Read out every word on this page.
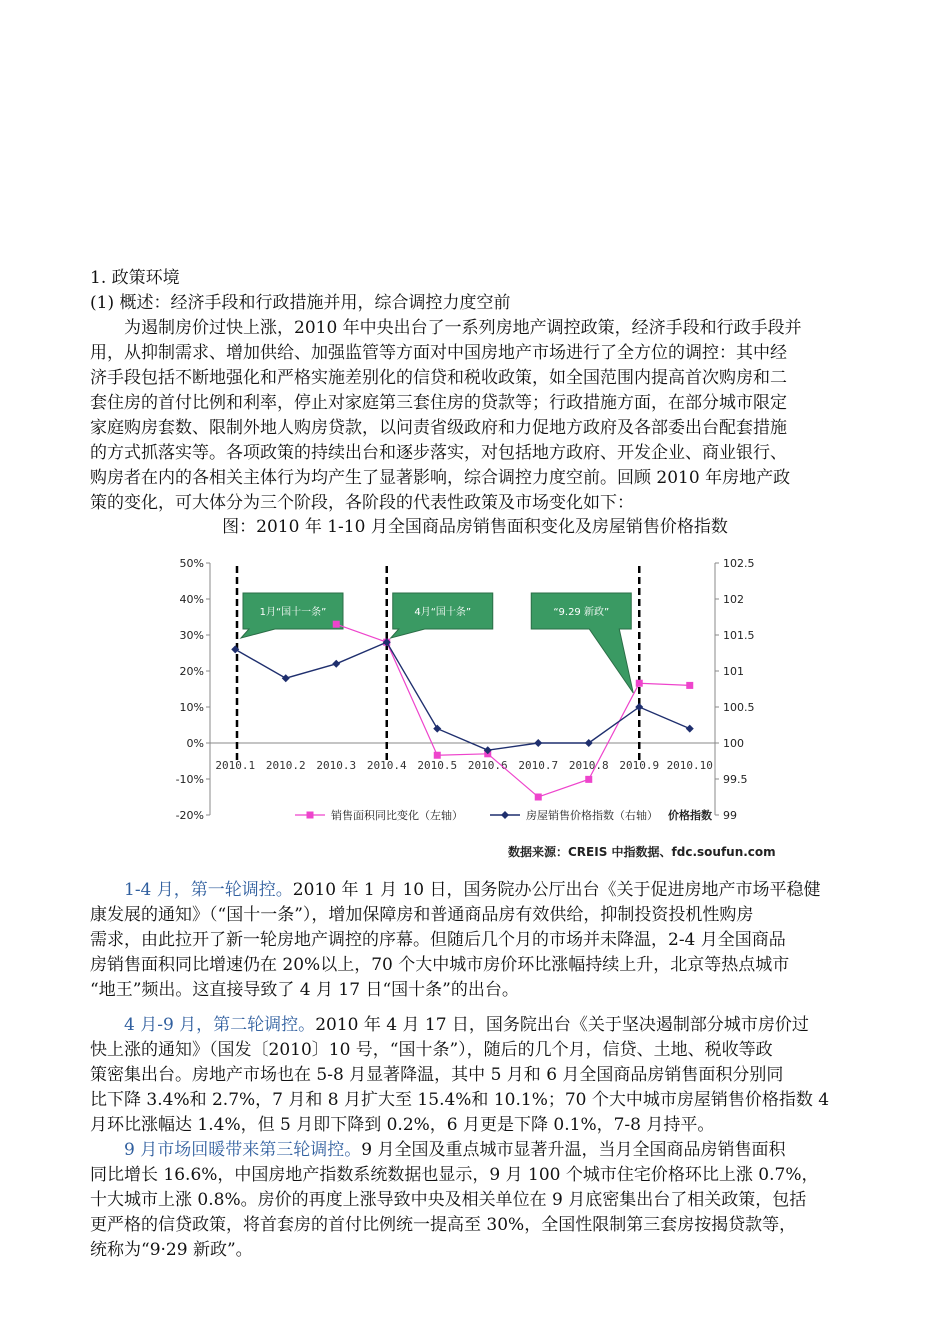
1. 政策环境
(1) 概述：经济手段和行政措施并用，综合调控力度空前
为遏制房价过快上涨，2010 年中央出台了一系列房地产调控政策，经济手段和行政手段并
用，从抑制需求、增加供给、加强监管等方面对中国房地产市场进行了全方位的调控：其中经
济手段包括不断地强化和严格实施差别化的信贷和税收政策，如全国范围内提高首次购房和二
套住房的首付比例和利率，停止对家庭第三套住房的贷款等；行政措施方面，在部分城市限定
家庭购房套数、限制外地人购房贷款，以问责省级政府和力促地方政府及各部委出台配套措施
的方式抓落实等。各项政策的持续出台和逐步落实，对包括地方政府、开发企业、商业银行、
购房者在内的各相关主体行为均产生了显著影响，综合调控力度空前。回顾 2010 年房地产政
策的变化，可大体分为三个阶段，各阶段的代表性政策及市场变化如下：
图：2010 年 1-10 月全国商品房销售面积变化及房屋销售价格指数
50%
40%
30%
20%
10%
0%
-10%
-20%
102.5
102
101.5
101
100.5
100
99.5
99
2010.1 2010.2 2010.3 2010.4 2010.5 2010.6 2010.7 2010.8 2010.9 2010.10
1月“国十一条”	4月“国十条”	“9.29 新政”
销售面积同比变化（左轴）	房屋销售价格指数（右轴） 价格指数
数据来源：CREIS 中指数据、fdc.soufun.com
1-4 月，第一轮调控。2010 年 1 月 10 日，国务院办公厅出台《关于促进房地产市场平稳健
康发展的通知》（“国十一条”），增加保障房和普通商品房有效供给，抑制投资投机性购房
需求，由此拉开了新一轮房地产调控的序幕。但随后几个月的市场并未降温，2-4 月全国商品
房销售面积同比增速仍在 20%以上，70 个大中城市房价环比涨幅持续上升，北京等热点城市
“地王”频出。这直接导致了 4 月 17 日“国十条”的出台。
4 月-9 月，第二轮调控。2010 年 4 月 17 日，国务院出台《关于坚决遏制部分城市房价过
快上涨的通知》（国发〔2010〕10 号，“国十条”），随后的几个月，信贷、土地、税收等政
策密集出台。房地产市场也在 5-8 月显著降温，其中 5 月和 6 月全国商品房销售面积分别同
比下降 3.4%和 2.7%，7 月和 8 月扩大至 15.4%和 10.1%；70 个大中城市房屋销售价格指数 4
月环比涨幅达 1.4%，但 5 月即下降到 0.2%，6 月更是下降 0.1%，7-8 月持平。
9 月市场回暖带来第三轮调控。9 月全国及重点城市显著升温，当月全国商品房销售面积
同比增长 16.6%，中国房地产指数系统数据也显示，9 月 100 个城市住宅价格环比上涨 0.7%，
十大城市上涨 0.8%。房价的再度上涨导致中央及相关单位在 9 月底密集出台了相关政策，包括
更严格的信贷政策，将首套房的首付比例统一提高至 30%，全国性限制第三套房按揭贷款等，
统称为“9·29 新政”。
